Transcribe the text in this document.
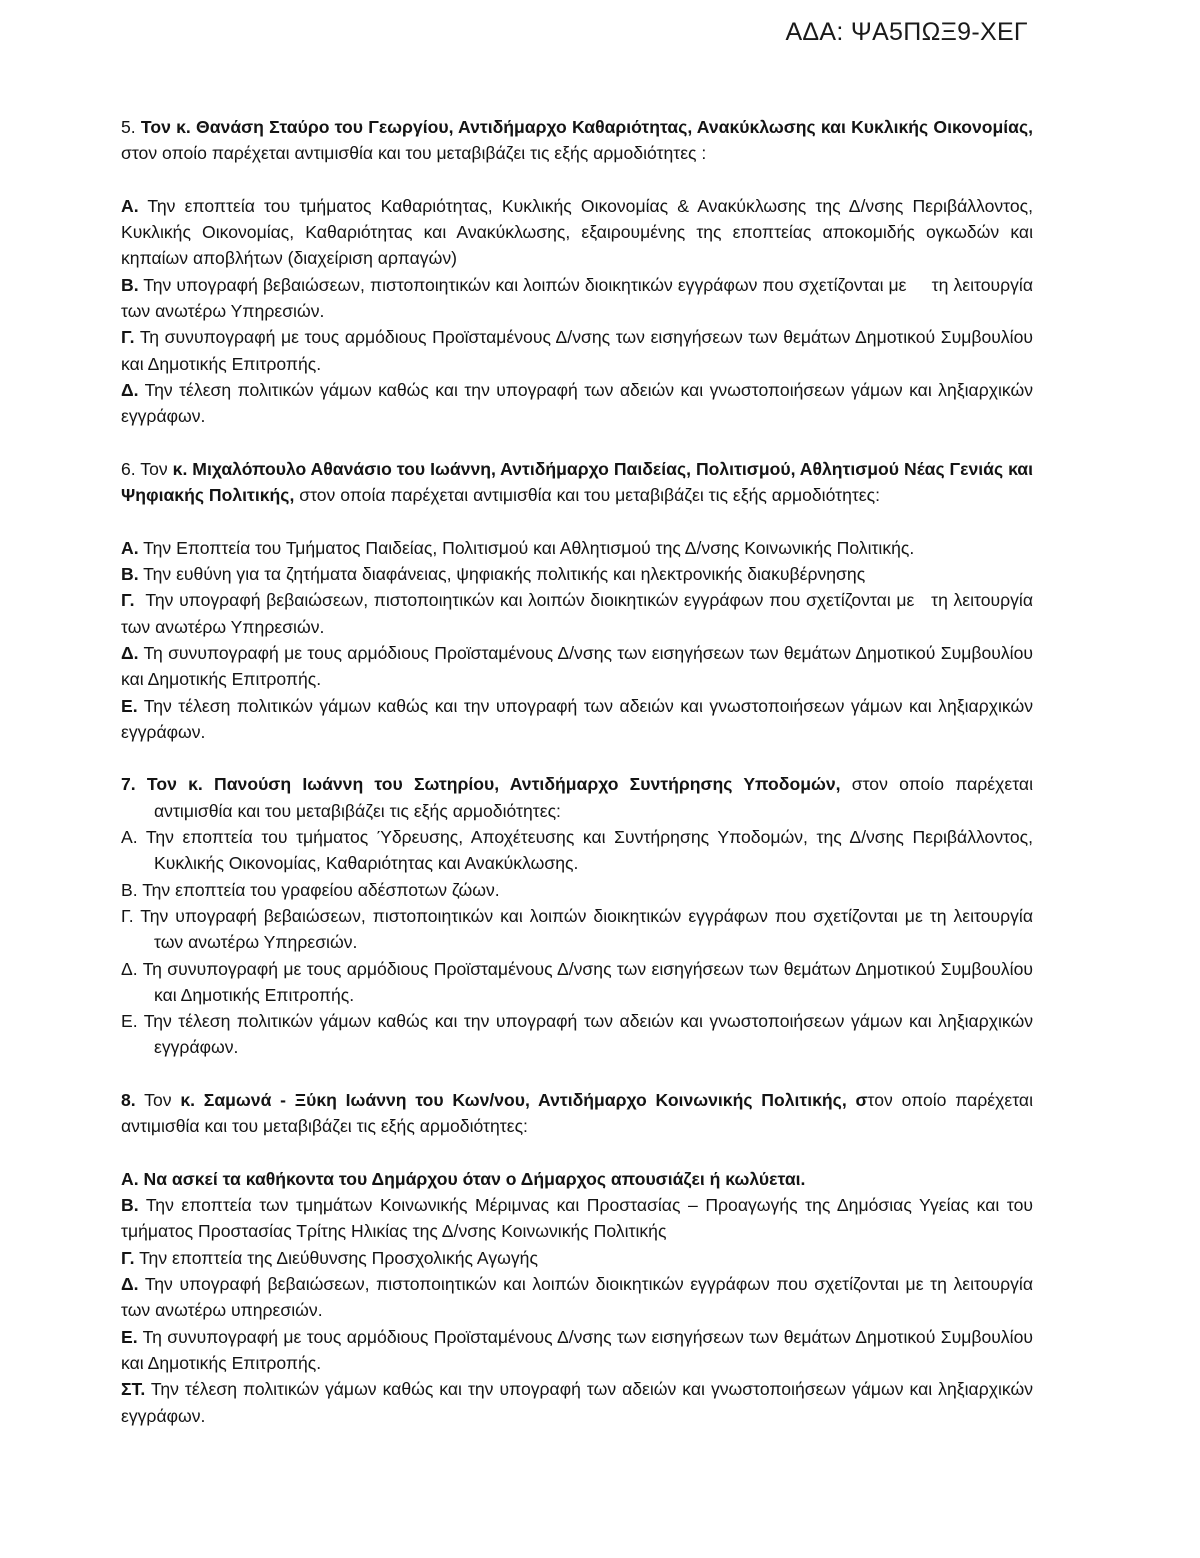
ΑΔΑ: ΨΑ5ΠΩΞ9-ΧΕΓ

5. Τον κ. Θανάση Σταύρο του Γεωργίου, Αντιδήμαρχο Καθαριότητας, Ανακύκλωσης και Κυκλικής Οικονομίας, στον οποίο παρέχεται αντιμισθία και του μεταβιβάζει τις εξής αρμοδιότητες :

Α. Την εποπτεία του τμήματος Καθαριότητας, Κυκλικής Οικονομίας & Ανακύκλωσης της Δ/νσης Περιβάλλοντος, Κυκλικής Οικονομίας, Καθαριότητας και Ανακύκλωσης, εξαιρουμένης της εποπτείας αποκομιδής ογκωδών και κηπαίων αποβλήτων (διαχείριση αρπαγών)

Β. Την υπογραφή βεβαιώσεων, πιστοποιητικών και λοιπών διοικητικών εγγράφων που σχετίζονται με     τη λειτουργία των ανωτέρω Υπηρεσιών.

Γ. Τη συνυπογραφή με τους αρμόδιους Προϊσταμένους Δ/νσης των εισηγήσεων των θεμάτων Δημοτικού Συμβουλίου και Δημοτικής Επιτροπής.

Δ. Την τέλεση πολιτικών γάμων καθώς και την υπογραφή των αδειών και γνωστοποιήσεων γάμων και ληξιαρχικών εγγράφων.

6. Τον κ. Μιχαλόπουλο Αθανάσιο του Ιωάννη, Αντιδήμαρχο Παιδείας, Πολιτισμού, Αθλητισμού Νέας Γενιάς και Ψηφιακής Πολιτικής, στον οποία παρέχεται αντιμισθία και του μεταβιβάζει τις εξής αρμοδιότητες:

Α. Την Εποπτεία του Τμήματος Παιδείας, Πολιτισμού και Αθλητισμού της Δ/νσης Κοινωνικής Πολιτικής.

Β. Την ευθύνη για τα ζητήματα διαφάνειας, ψηφιακής πολιτικής και ηλεκτρονικής διακυβέρνησης

Γ.  Την υπογραφή βεβαιώσεων, πιστοποιητικών και λοιπών διοικητικών εγγράφων που σχετίζονται με   τη λειτουργία των ανωτέρω Υπηρεσιών.

Δ. Τη συνυπογραφή με τους αρμόδιους Προϊσταμένους Δ/νσης των εισηγήσεων των θεμάτων Δημοτικού Συμβουλίου και Δημοτικής Επιτροπής.

Ε. Την τέλεση πολιτικών γάμων καθώς και την υπογραφή των αδειών και γνωστοποιήσεων γάμων και ληξιαρχικών εγγράφων.

7. Τον κ. Πανούση Ιωάννη του Σωτηρίου, Αντιδήμαρχο Συντήρησης Υποδομών, στον οποίο παρέχεται αντιμισθία και του μεταβιβάζει τις εξής αρμοδιότητες:

Α. Την εποπτεία του τμήματος Ύδρευσης, Αποχέτευσης και Συντήρησης Υποδομών, της Δ/νσης Περιβάλλοντος, Κυκλικής Οικονομίας, Καθαριότητας και Ανακύκλωσης.

Β. Την εποπτεία του γραφείου αδέσποτων ζώων.

Γ. Την υπογραφή βεβαιώσεων, πιστοποιητικών και λοιπών διοικητικών εγγράφων που σχετίζονται με τη λειτουργία των ανωτέρω Υπηρεσιών.

Δ. Τη συνυπογραφή με τους αρμόδιους Προϊσταμένους Δ/νσης των εισηγήσεων των θεμάτων Δημοτικού Συμβουλίου και Δημοτικής Επιτροπής.

Ε. Την τέλεση πολιτικών γάμων καθώς και την υπογραφή των αδειών και γνωστοποιήσεων γάμων και ληξιαρχικών εγγράφων.

8. Τον κ. Σαμωνά - Ξύκη Ιωάννη του Κων/νου, Αντιδήμαρχο Κοινωνικής Πολιτικής, στον οποίο παρέχεται αντιμισθία και του μεταβιβάζει τις εξής αρμοδιότητες:

Α. Να ασκεί τα καθήκοντα του Δημάρχου όταν ο Δήμαρχος απουσιάζει ή κωλύεται.

Β. Την εποπτεία των τμημάτων Κοινωνικής Μέριμνας και Προστασίας – Προαγωγής της Δημόσιας Υγείας και του τμήματος Προστασίας Τρίτης Ηλικίας της Δ/νσης Κοινωνικής Πολιτικής

Γ. Την εποπτεία της Διεύθυνσης Προσχολικής Αγωγής

Δ. Την υπογραφή βεβαιώσεων, πιστοποιητικών και λοιπών διοικητικών εγγράφων που σχετίζονται με τη λειτουργία των ανωτέρω υπηρεσιών.

Ε. Τη συνυπογραφή με τους αρμόδιους Προϊσταμένους Δ/νσης των εισηγήσεων των θεμάτων Δημοτικού Συμβουλίου και Δημοτικής Επιτροπής.

ΣΤ. Την τέλεση πολιτικών γάμων καθώς και την υπογραφή των αδειών και γνωστοποιήσεων γάμων και ληξιαρχικών εγγράφων.
